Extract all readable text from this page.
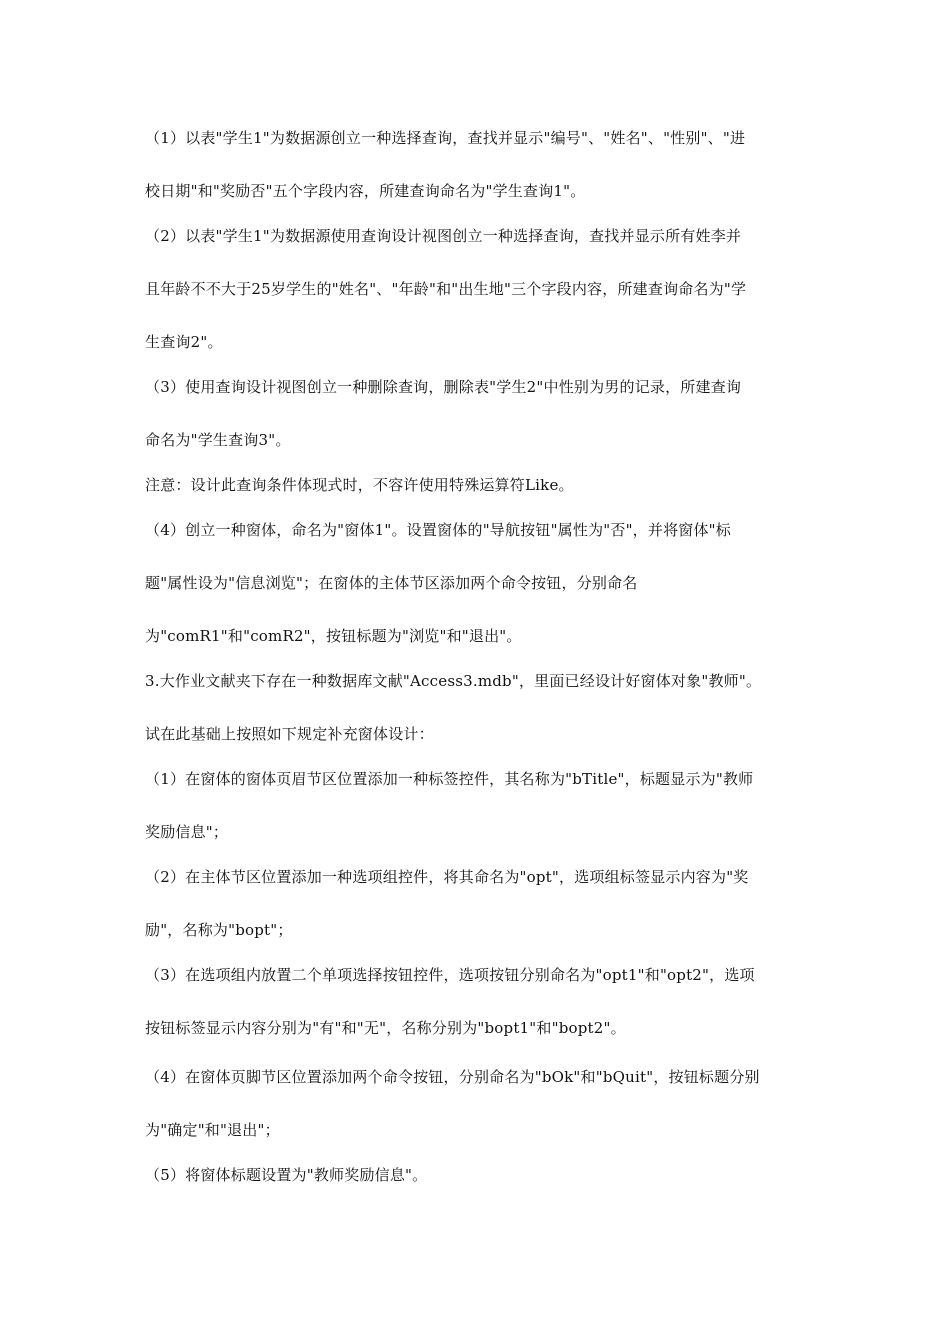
（1）以表"学生1"为数据源创立一种选择查询，查找并显示"编号"、"姓名"、"性别"、"进
校日期"和"奖励否"五个字段内容，所建查询命名为"学生查询1"。
（2）以表"学生1"为数据源使用查询设计视图创立一种选择查询，查找并显示所有姓李并
且年龄不不大于25岁学生的"姓名"、"年龄"和"出生地"三个字段内容，所建查询命名为"学
生查询2"。
（3）使用查询设计视图创立一种删除查询，删除表"学生2"中性别为男的记录，所建查询
命名为"学生查询3"。
注意：设计此查询条件体现式时，不容许使用特殊运算符Like。
（4）创立一种窗体，命名为"窗体1"。设置窗体的"导航按钮"属性为"否"，并将窗体"标
题"属性设为"信息浏览"；在窗体的主体节区添加两个命令按钮，分别命名
为"comR1"和"comR2"，按钮标题为"浏览"和"退出"。
3.大作业文献夹下存在一种数据库文献"Access3.mdb"，里面已经设计好窗体对象"教师"。
试在此基础上按照如下规定补充窗体设计：
（1）在窗体的窗体页眉节区位置添加一种标签控件，其名称为"bTitle"，标题显示为"教师
奖励信息"；
（2）在主体节区位置添加一种选项组控件，将其命名为"opt"，选项组标签显示内容为"奖
励"，名称为"bopt"；
（3）在选项组内放置二个单项选择按钮控件，选项按钮分别命名为"opt1"和"opt2"，选项
按钮标签显示内容分别为"有"和"无"，名称分别为"bopt1"和"bopt2"。
（4）在窗体页脚节区位置添加两个命令按钮，分别命名为"bOk"和"bQuit"，按钮标题分别
为"确定"和"退出"；
（5）将窗体标题设置为"教师奖励信息"。
